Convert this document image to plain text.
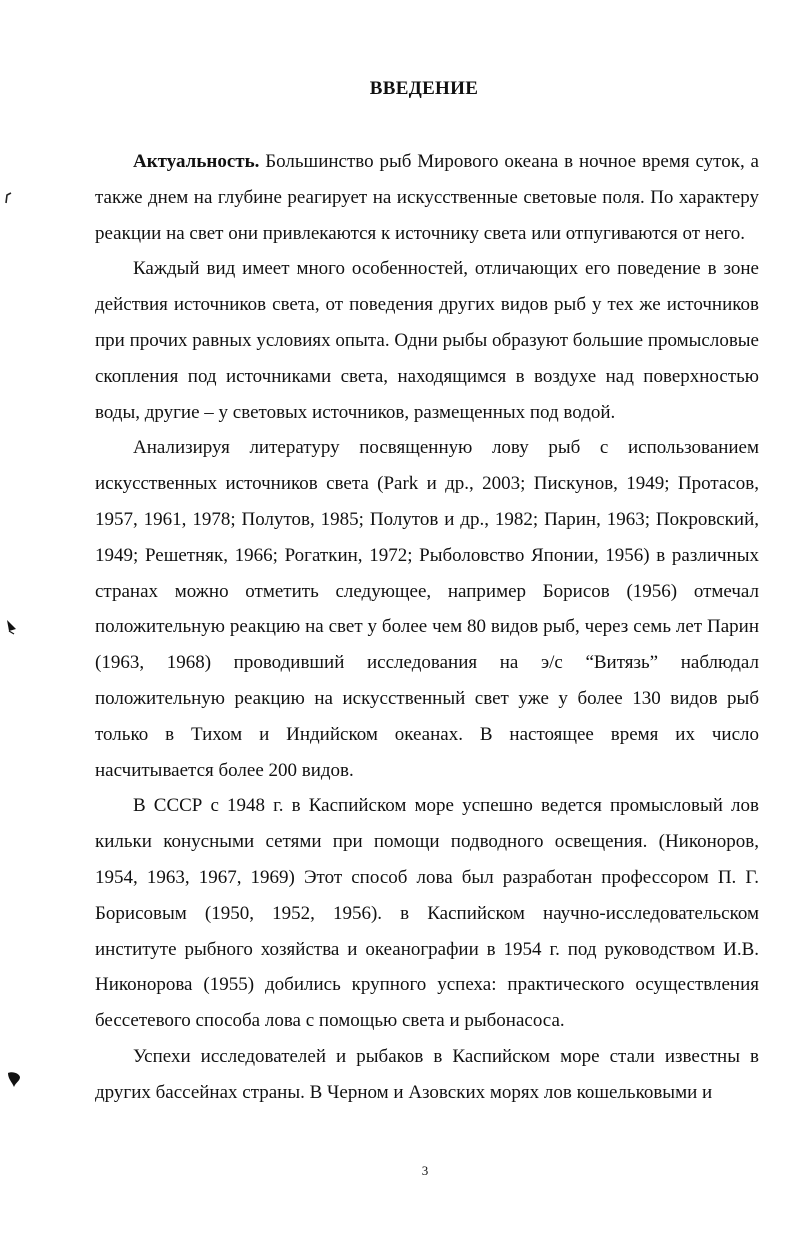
ВВЕДЕНИЕ

Актуальность. Большинство рыб Мирового океана в ночное время суток, а также днем на глубине реагирует на искусственные световые поля. По характеру реакции на свет они привлекаются к источнику света или отпугиваются от него.

Каждый вид имеет много особенностей, отличающих его поведение в зоне действия источников света, от поведения других видов рыб у тех же источников при прочих равных условиях опыта. Одни рыбы образуют большие промысловые скопления под источниками света, находящимся в воздухе над поверхностью воды, другие – у световых источников, размещенных под водой.

Анализируя литературу посвященную лову рыб с использованием искусственных источников света (Park и др., 2003; Пискунов, 1949; Протасов, 1957, 1961, 1978; Полутов, 1985; Полутов и др., 1982; Парин, 1963; Покровский, 1949; Решетняк, 1966; Рогаткин, 1972; Рыболовство Японии, 1956) в различных странах можно отметить следующее, например Борисов (1956) отмечал положительную реакцию на свет у более чем 80 видов рыб, через семь лет Парин (1963, 1968) проводивший исследования на э/с “Витязь” наблюдал положительную реакцию на искусственный свет уже у более 130 видов рыб только в Тихом и Индийском океанах. В настоящее время их число насчитывается более 200 видов.

В СССР с 1948 г. в Каспийском море успешно ведется промысловый лов кильки конусными сетями при помощи подводного освещения. (Никоноров, 1954, 1963, 1967, 1969) Этот способ лова был разработан профессором П. Г. Борисовым (1950, 1952, 1956). в Каспийском научно-исследовательском институте рыбного хозяйства и океанографии в 1954 г. под руководством И.В. Никонорова (1955) добились крупного успеха: практического осуществления бессетевого способа лова с помощью света и рыбонасоса.

Успехи исследователей и рыбаков в Каспийском море стали известны в других бассейнах страны. В Черном и Азовских морях лов кошельковыми и

3
